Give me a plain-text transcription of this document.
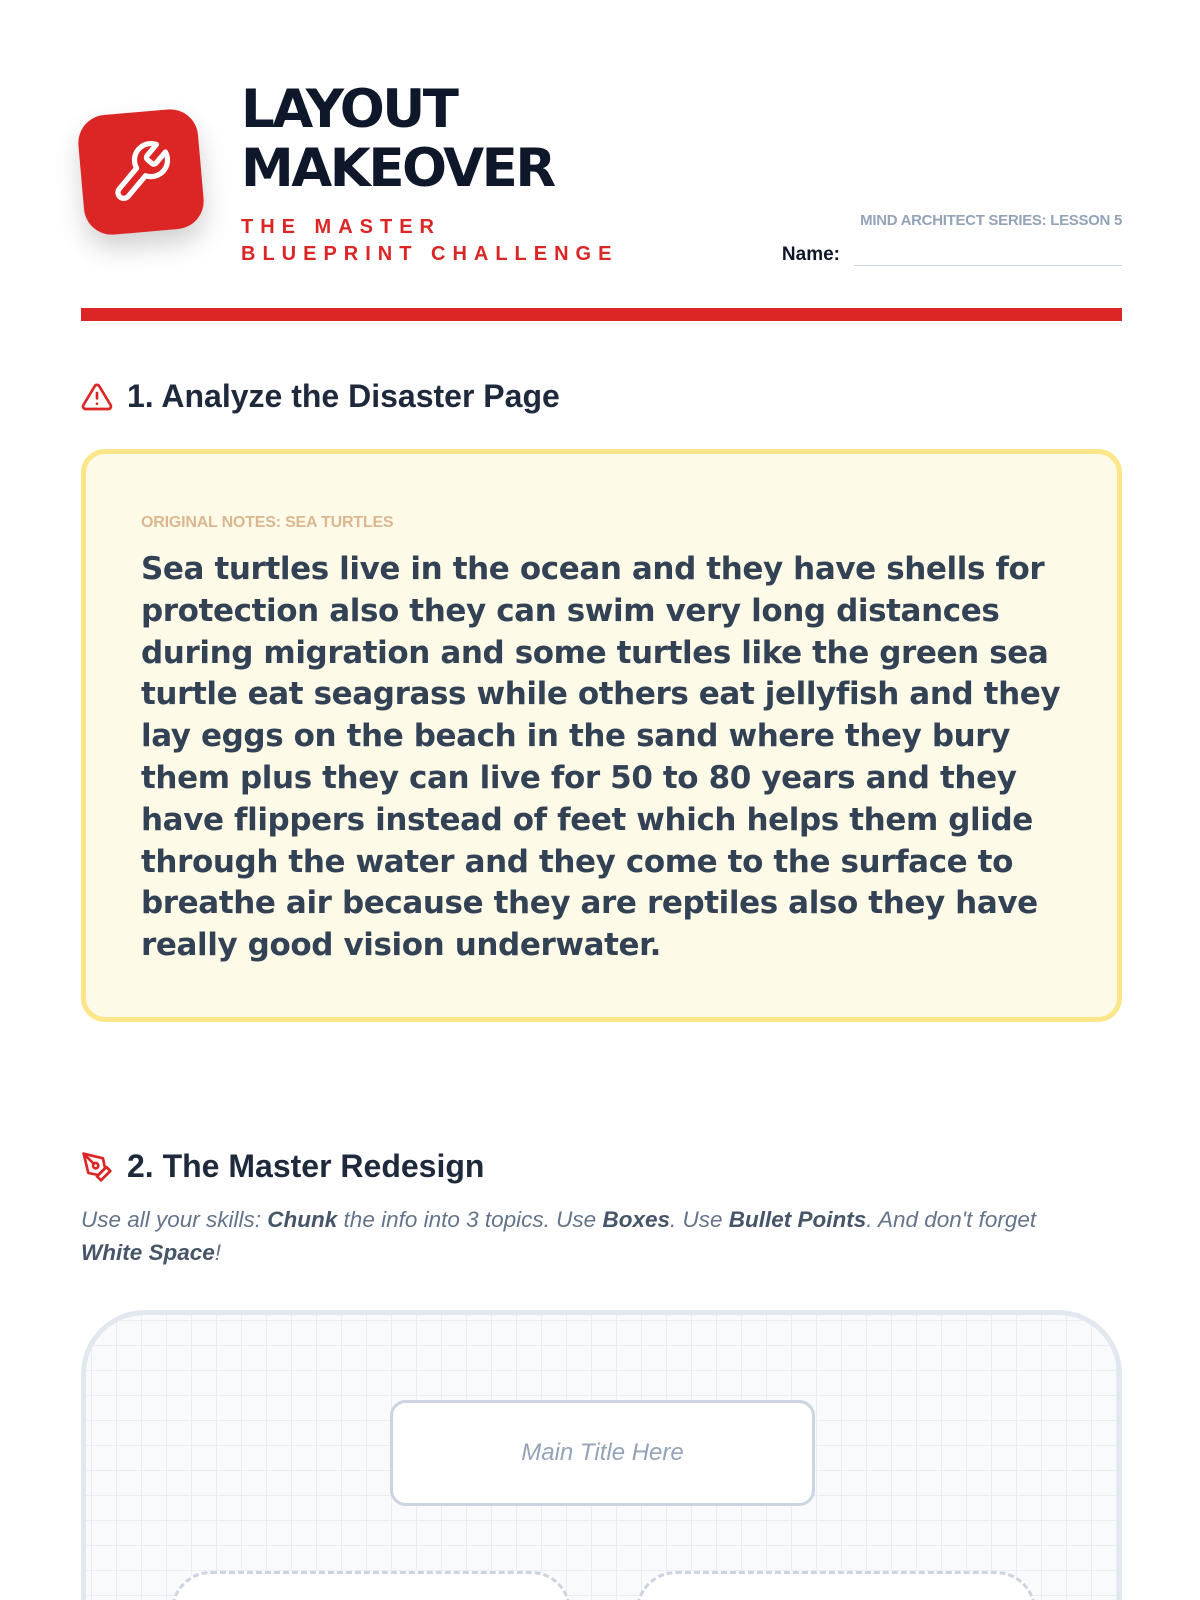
LAYOUT
MAKEOVER
THE MASTER BLUEPRINT CHALLENGE
MIND ARCHITECT SERIES: LESSON 5
Name:
1. Analyze the Disaster Page
ORIGINAL NOTES: SEA TURTLES
Sea turtles live in the ocean and they have shells for protection also they can swim very long distances during migration and some turtles like the green sea turtle eat seagrass while others eat jellyfish and they lay eggs on the beach in the sand where they bury them plus they can live for 50 to 80 years and they have flippers instead of feet which helps them glide through the water and they come to the surface to breathe air because they are reptiles also they have really good vision underwater.
2. The Master Redesign

Use all your skills: Chunk the info into 3 topics. Use Boxes. Use Bullet Points. And don't forget White Space!

Main Title Here
